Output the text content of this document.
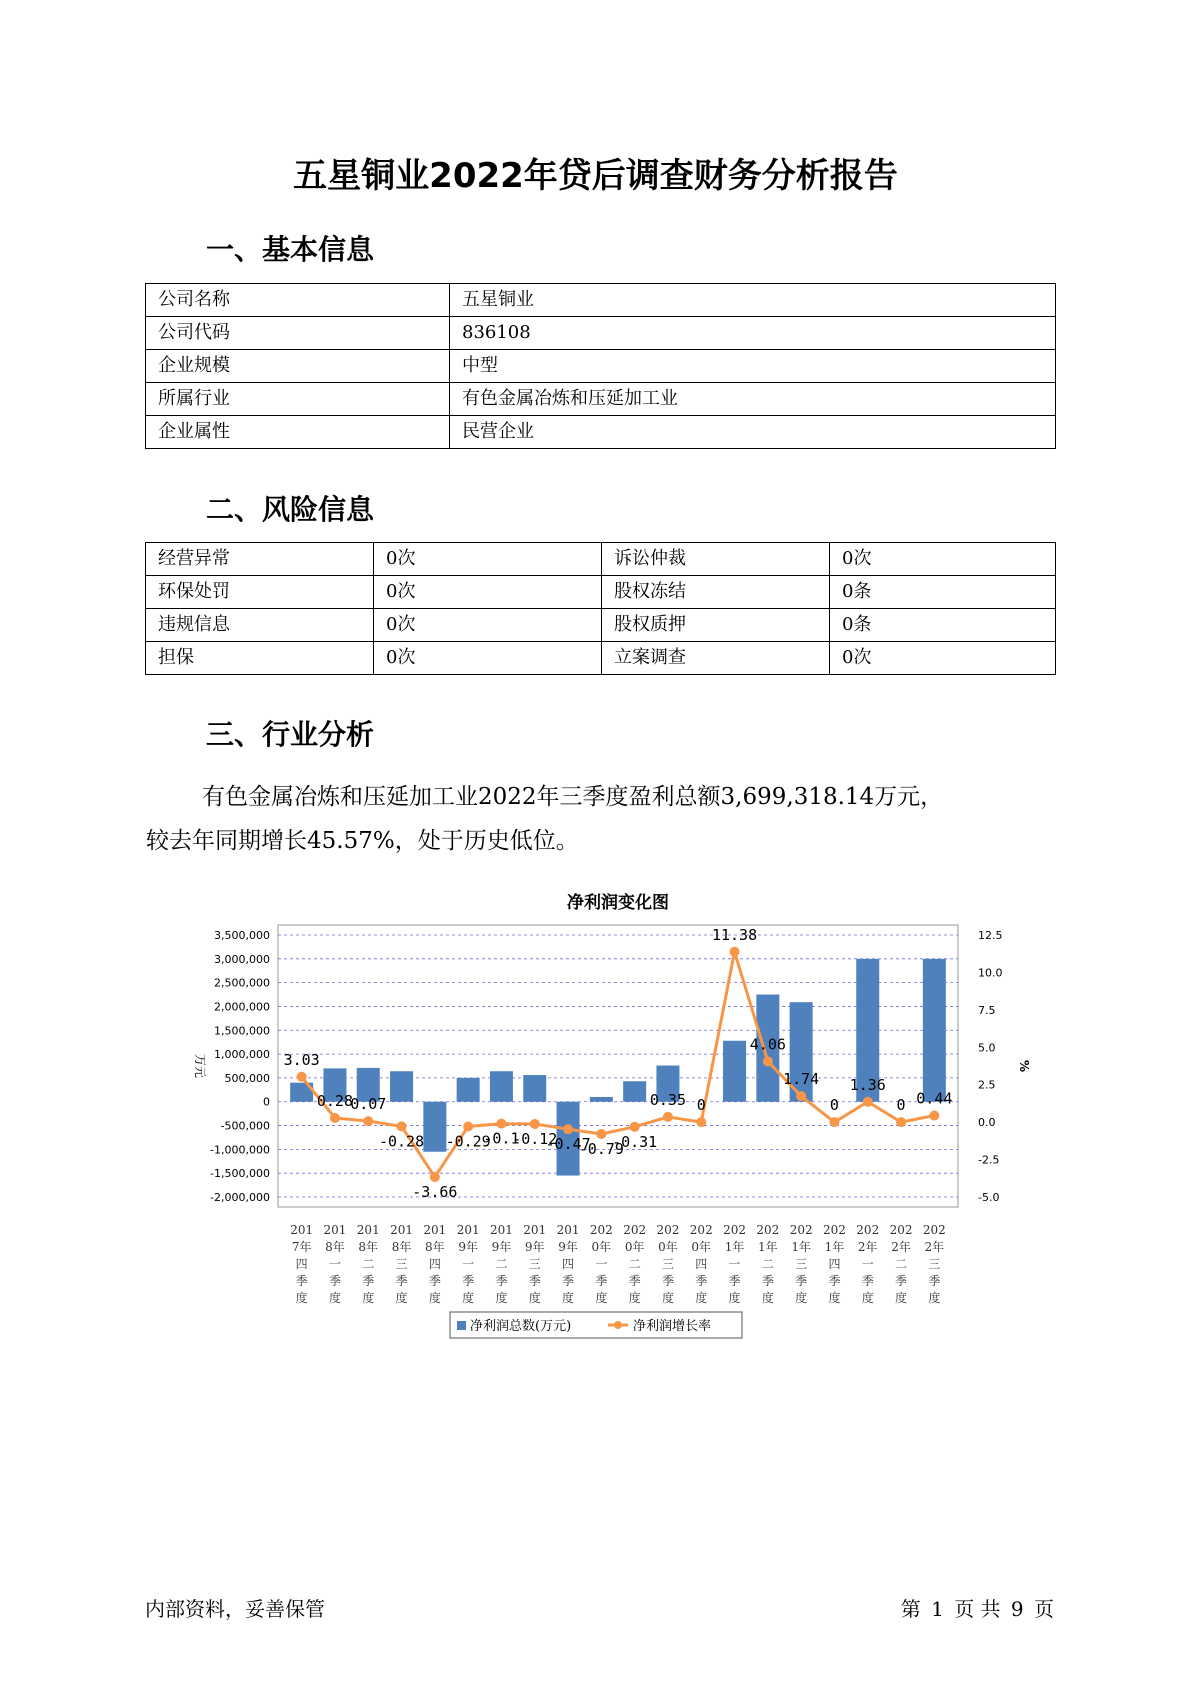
五星铜业2022年贷后调查财务分析报告
一、基本信息
公司名称	五星铜业
公司代码	836108
企业规模	中型
所属行业	有色金属冶炼和压延加工业
企业属性	民营企业
二、风险信息
经营异常	0次	诉讼仲裁	0次
环保处罚	0次	股权冻结	0条
违规信息	0次	股权质押	0条
担保	0次	立案调查	0次
三、行业分析
有色金属冶炼和压延加工业2022年三季度盈利总额3,699,318.14万元，
较去年同期增长45.57%，处于历史低位。
净利润变化图
3,500,000
3,000,000
2,500,000
2,000,000
1,500,000
1,000,000
500,000
0
-500,000
-1,000,000
-1,500,000
-2,000,000
12.5
10.0
7.5
5.0
2.5
0.0
-2.5
-5.0
万元	%
3.03
0.28
0.07
-0.28
-3.66
-0.29
-0.1
-0.12
-0.47
-0.79
-0.31
0.35 0
11.38
4.06
1.74
0
1.36
0 0.44
201
7年
四
季
度
201
8年
一
季
度
201
8年
二
季
度
201
8年
三
季
度
201
8年
四
季
度
201
9年
一
季
度
201
9年
二
季
度
201
9年
三
季
度
201
9年
四
季
度
202
0年
一
季
度
202
0年
二
季
度
202
0年
三
季
度
202
0年
四
季
度
202
1年
一
季
度
202
1年
二
季
度
202
1年
三
季
度
202
1年
四
季
度
202
2年
一
季
度
202
2年
二
季
度
202
2年
三
季
度
净利润总数(万元)	净利润增长率
内部资料，妥善保管	第 1 页 共 9 页
